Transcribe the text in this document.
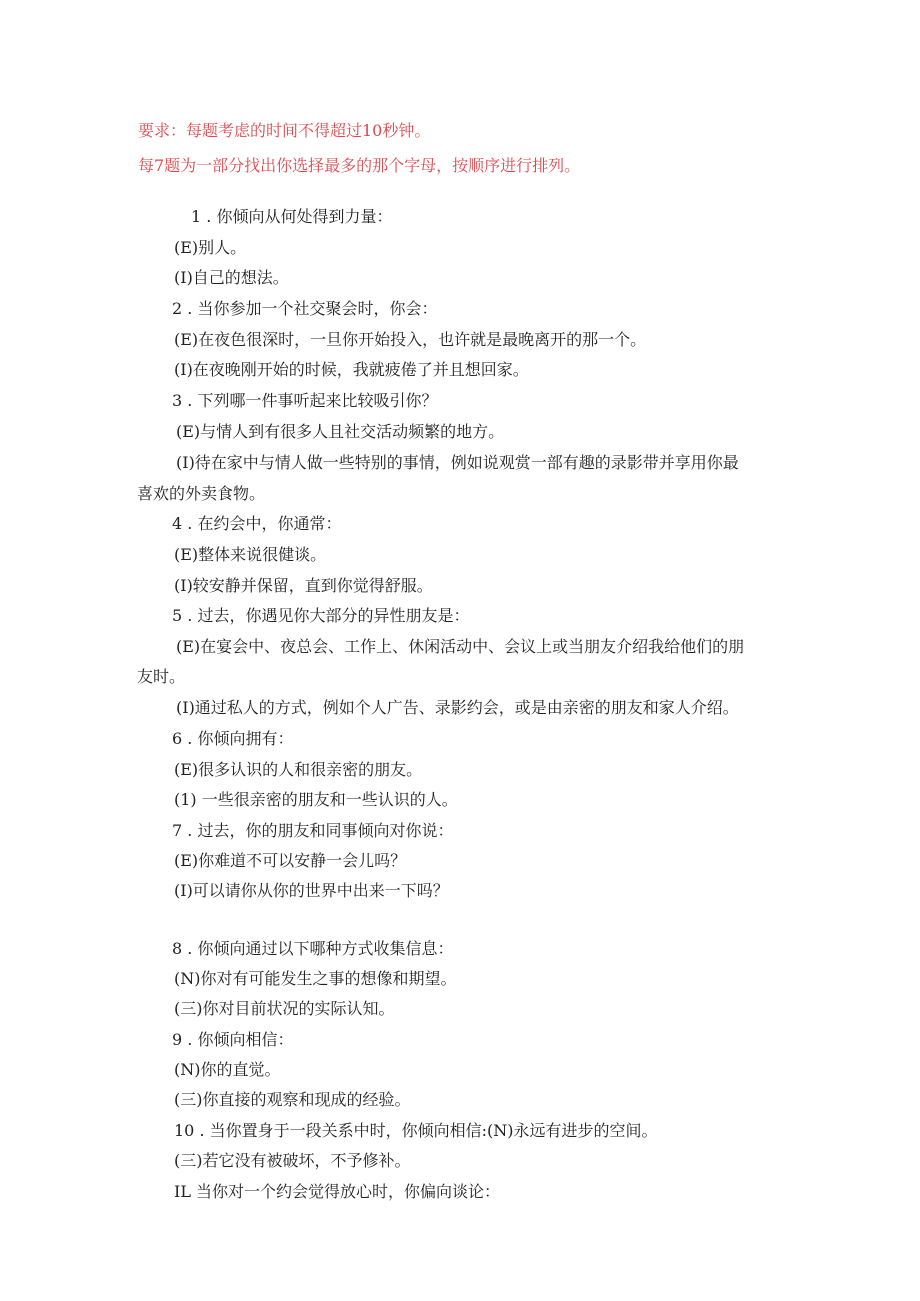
要求：每题考虑的时间不得超过10秒钟。
每7题为一部分找出你选择最多的那个字母，按顺序进行排列。
1 . 你倾向从何处得到力量：
(E)别人。
(I)自己的想法。
2 . 当你参加一个社交聚会时，你会：
(E)在夜色很深时，一旦你开始投入，也许就是最晚离开的那一个。
(I)在夜晚刚开始的时候，我就疲倦了并且想回家。
3 . 下列哪一件事听起来比较吸引你？
(E)与情人到有很多人且社交活动频繁的地方。
(I)待在家中与情人做一些特别的事情，例如说观赏一部有趣的录影带并享用你最
喜欢的外卖食物。
4 . 在约会中，你通常：
(E)整体来说很健谈。
(I)较安静并保留，直到你觉得舒服。
5 . 过去，你遇见你大部分的异性朋友是：
(E)在宴会中、夜总会、工作上、休闲活动中、会议上或当朋友介绍我给他们的朋
友时。
(I)通过私人的方式，例如个人广告、录影约会，或是由亲密的朋友和家人介绍。
6 . 你倾向拥有：
(E)很多认识的人和很亲密的朋友。
(1) 一些很亲密的朋友和一些认识的人。
7 . 过去，你的朋友和同事倾向对你说：
(E)你难道不可以安静一会儿吗？
(I)可以请你从你的世界中出来一下吗？
8 . 你倾向通过以下哪种方式收集信息：
(N)你对有可能发生之事的想像和期望。
(三)你对目前状况的实际认知。
9 . 你倾向相信：
(N)你的直觉。
(三)你直接的观察和现成的经验。
10 . 当你置身于一段关系中时，你倾向相信:(N)永远有进步的空间。
(三)若它没有被破坏，不予修补。
IL 当你对一个约会觉得放心时，你偏向谈论：
